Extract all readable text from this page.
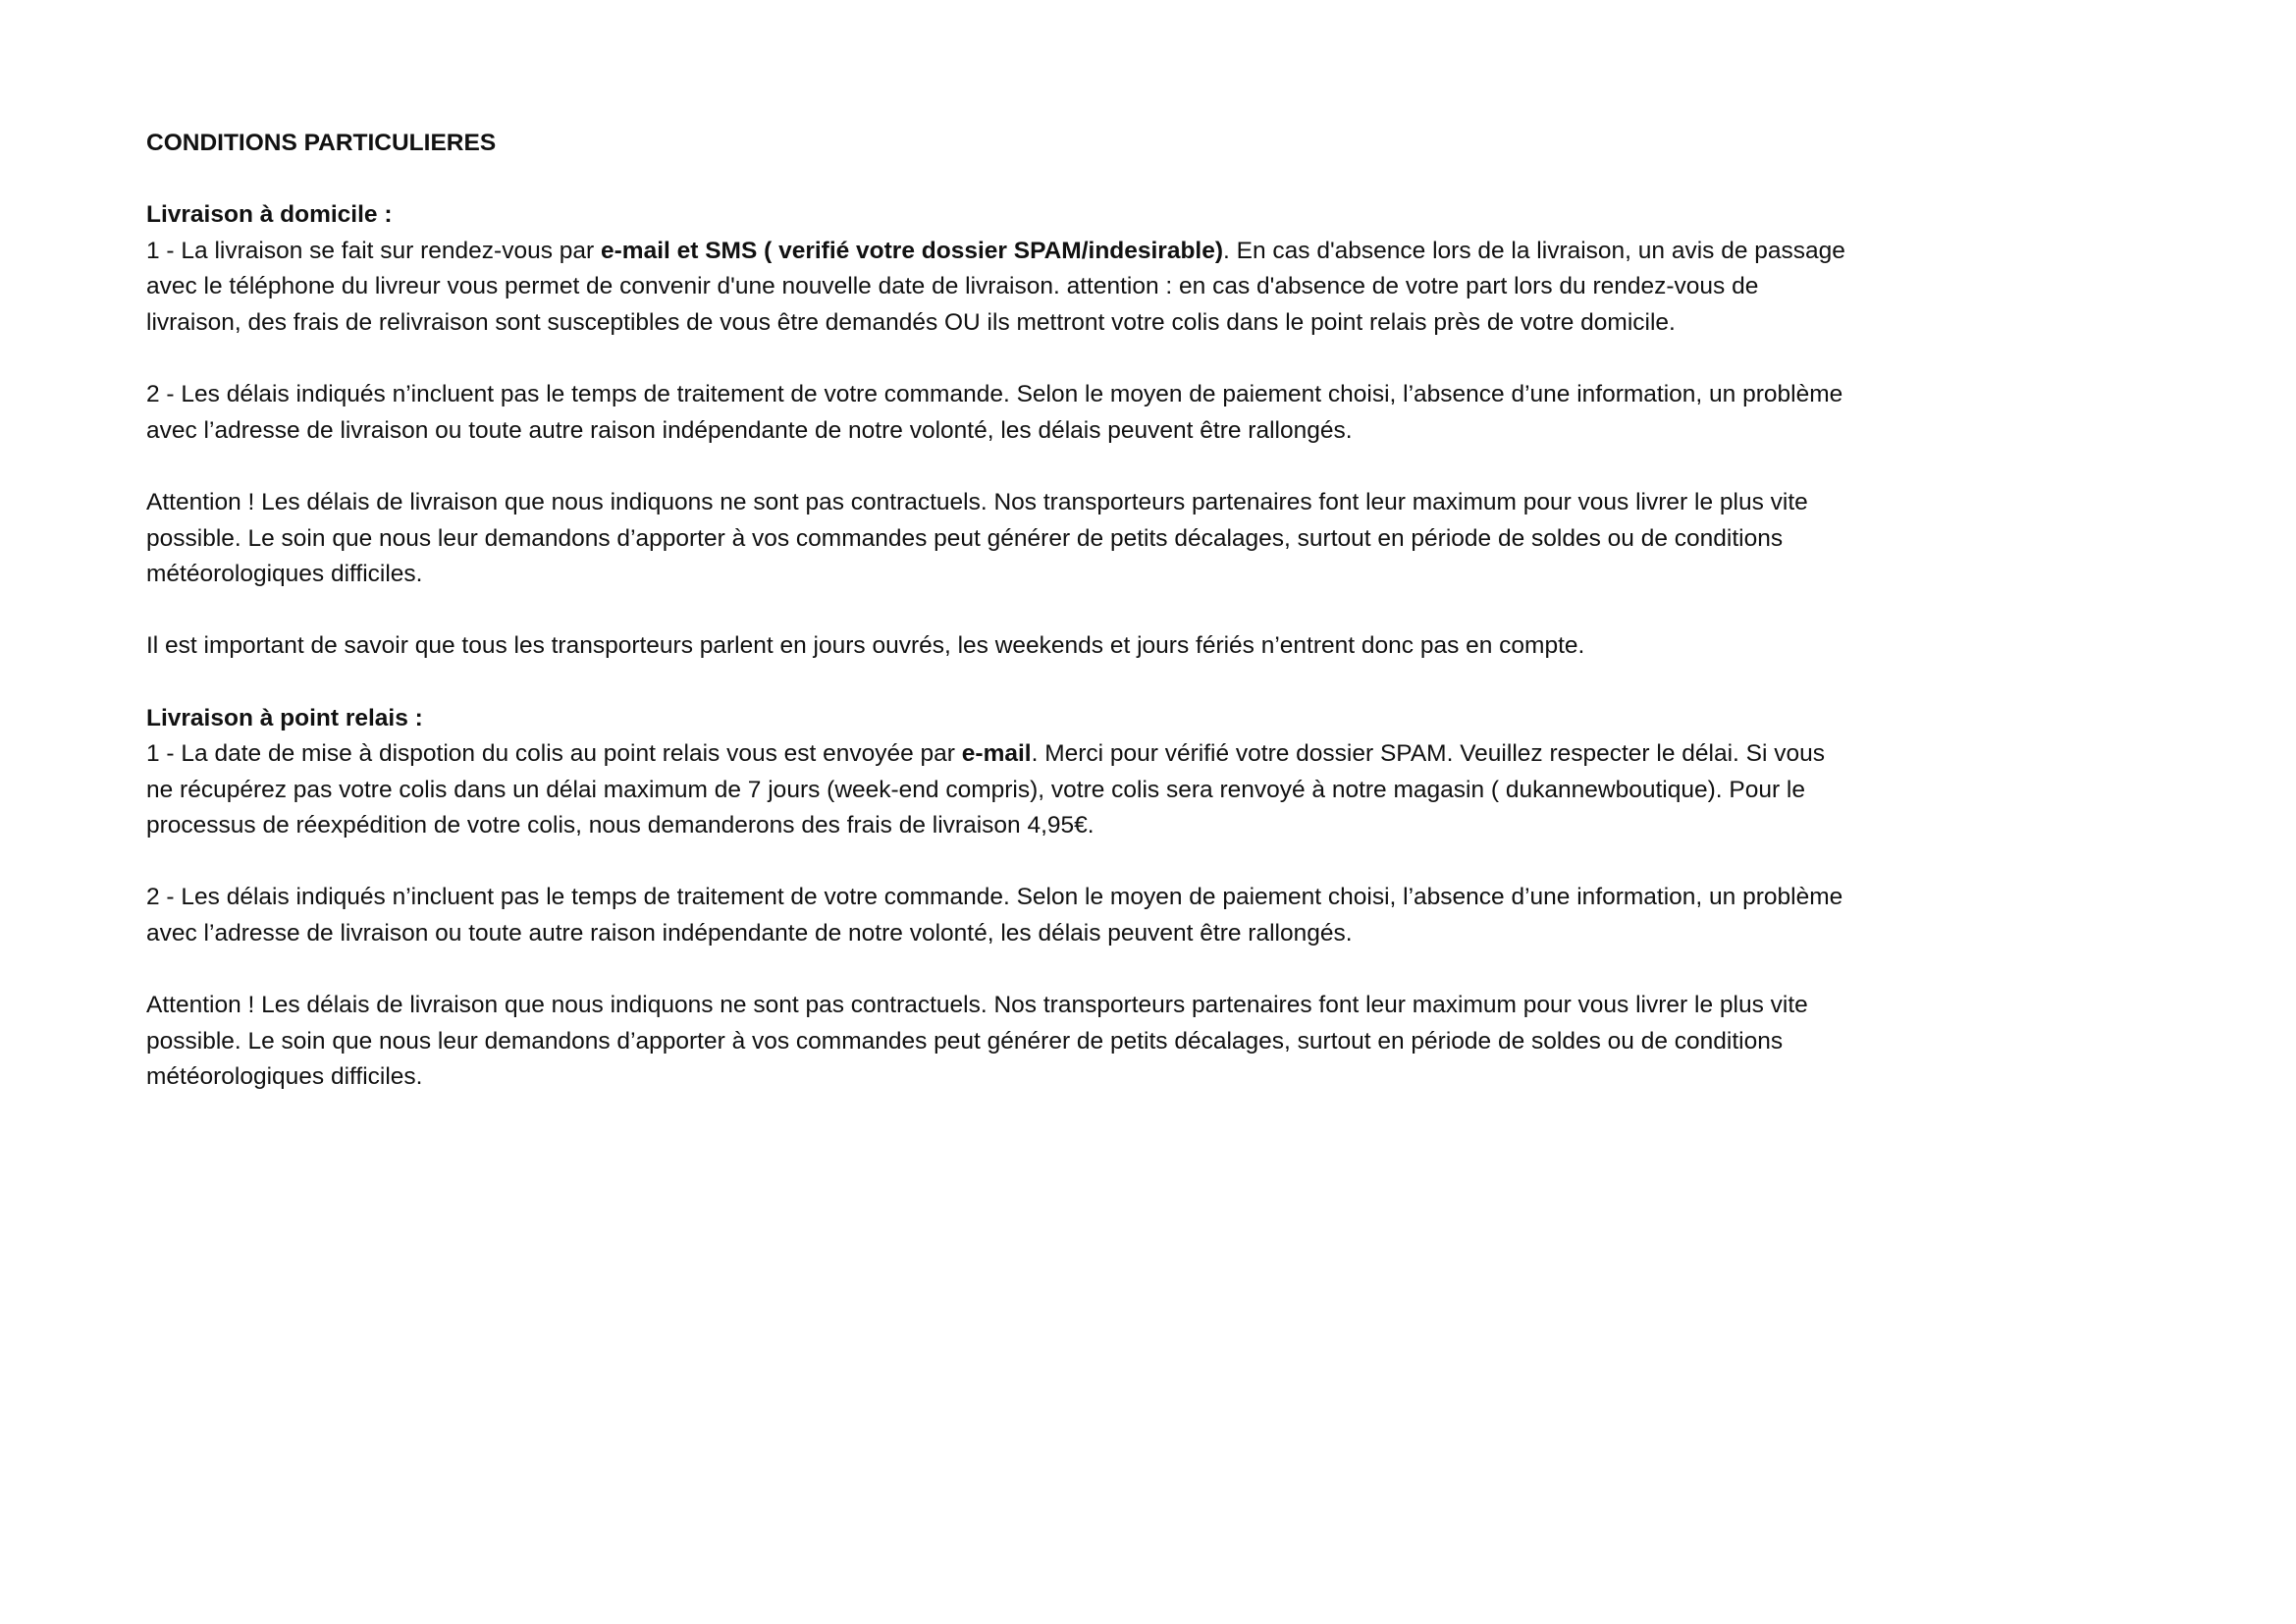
CONDITIONS PARTICULIERES

Livraison à domicile :

1 - La livraison se fait sur rendez-vous par e-mail et SMS ( verifié votre dossier SPAM/indesirable). En cas d'absence lors de la livraison, un avis de passage avec le téléphone du livreur vous permet de convenir d'une nouvelle date de livraison. attention : en cas d'absence de votre part lors du rendez-vous de livraison, des frais de relivraison sont susceptibles de vous être demandés OU ils mettront votre colis dans le point relais près de votre domicile.

2 - Les délais indiqués n’incluent pas le temps de traitement de votre commande. Selon le moyen de paiement choisi, l’absence d’une information, un problème avec l’adresse de livraison ou toute autre raison indépendante de notre volonté, les délais peuvent être rallongés.

Attention ! Les délais de livraison que nous indiquons ne sont pas contractuels. Nos transporteurs partenaires font leur maximum pour vous livrer le plus vite possible. Le soin que nous leur demandons d’apporter à vos commandes peut générer de petits décalages, surtout en période de soldes ou de conditions météorologiques difficiles.

Il est important de savoir que tous les transporteurs parlent en jours ouvrés, les weekends et jours fériés n’entrent donc pas en compte.

Livraison à point relais :

1 - La date de mise à dispotion du colis au point relais vous est envoyée par e-mail. Merci pour vérifié votre dossier SPAM. Veuillez respecter le délai. Si vous ne récupérez pas votre colis dans un délai maximum de 7 jours (week-end compris), votre colis sera renvoyé à notre magasin ( dukannewboutique). Pour le processus de réexpédition de votre colis, nous demanderons des frais de livraison 4,95€.

2 - Les délais indiqués n’incluent pas le temps de traitement de votre commande. Selon le moyen de paiement choisi, l’absence d’une information, un problème avec l’adresse de livraison ou toute autre raison indépendante de notre volonté, les délais peuvent être rallongés.

Attention ! Les délais de livraison que nous indiquons ne sont pas contractuels. Nos transporteurs partenaires font leur maximum pour vous livrer le plus vite possible. Le soin que nous leur demandons d’apporter à vos commandes peut générer de petits décalages, surtout en période de soldes ou de conditions météorologiques difficiles.
